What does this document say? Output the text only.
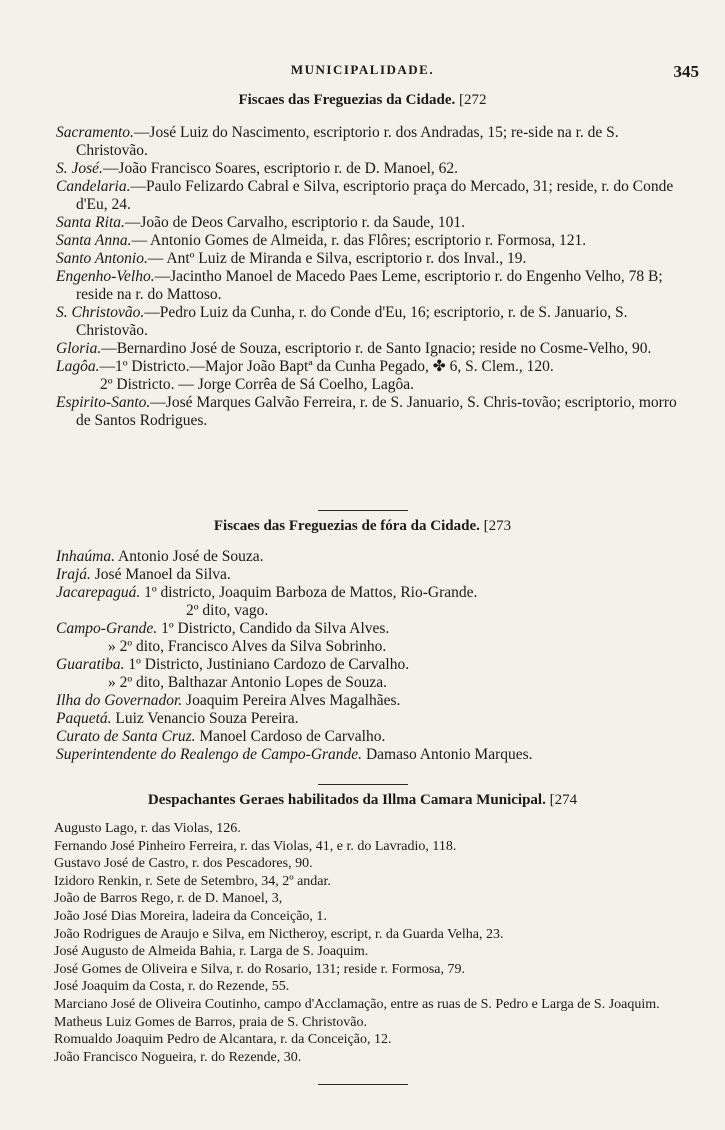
MUNICIPALIDADE.	345
Fiscaes das Freguezias da Cidade. [272

Sacramento.—José Luiz do Nascimento, escriptorio r. dos Andradas, 15; re-side na r. de S. Christovão.

S. José.—João Francisco Soares, escriptorio r. de D. Manoel, 62.

Candelaria.—Paulo Felizardo Cabral e Silva, escriptorio praça do Mercado, 31; reside, r. do Conde d'Eu, 24.

Santa Rita.—João de Deos Carvalho, escriptorio r. da Saude, 101.

Santa Anna.— Antonio Gomes de Almeida, r. das Flôres; escriptorio r. Formosa, 121.

Santo Antonio.— Antº Luiz de Miranda e Silva, escriptorio r. dos Inval., 19.

Engenho-Velho.—Jacintho Manoel de Macedo Paes Leme, escriptorio r. do Engenho Velho, 78 B; reside na r. do Mattoso.

S. Christovão.—Pedro Luiz da Cunha, r. do Conde d'Eu, 16; escriptorio, r. de S. Januario, S. Christovão.

Gloria.—Bernardino José de Souza, escriptorio r. de Santo Ignacio; reside no Cosme-Velho, 90.

Lagôa.—1º Districto.—Major João Baptª da Cunha Pegado, ✤ 6, S. Clem., 120.

2º Districto. — Jorge Corrêa de Sá Coelho, Lagôa.

Espirito-Santo.—José Marques Galvão Ferreira, r. de S. Januario, S. Chris-tovão; escriptorio, morro de Santos Rodrigues.

Fiscaes das Freguezias de fóra da Cidade. [273

Inhaúma. Antonio José de Souza.

Irajá. José Manoel da Silva.

Jacarepaguá. 1º districto, Joaquim Barboza de Mattos, Rio-Grande.

2º dito, vago.

Campo-Grande. 1º Districto, Candido da Silva Alves.

» 2º dito, Francisco Alves da Silva Sobrinho.

Guaratiba. 1º Districto, Justiniano Cardozo de Carvalho.

» 2º dito, Balthazar Antonio Lopes de Souza.

Ilha do Governador. Joaquim Pereira Alves Magalhães.

Paquetá. Luiz Venancio Souza Pereira.

Curato de Santa Cruz. Manoel Cardoso de Carvalho.

Superintendente do Realengo de Campo-Grande. Damaso Antonio Marques.

Despachantes Geraes habilitados da Illma Camara Municipal. [274

Augusto Lago, r. das Violas, 126.

Fernando José Pinheiro Ferreira, r. das Violas, 41, e r. do Lavradio, 118.

Gustavo José de Castro, r. dos Pescadores, 90.

Izidoro Renkin, r. Sete de Setembro, 34, 2º andar.

João de Barros Rego, r. de D. Manoel, 3,

João José Dias Moreira, ladeira da Conceição, 1.

João Rodrigues de Araujo e Silva, em Nictheroy, escript, r. da Guarda Velha, 23.

José Augusto de Almeida Bahia, r. Larga de S. Joaquim.

José Gomes de Oliveira e Silva, r. do Rosario, 131; reside r. Formosa, 79.

José Joaquim da Costa, r. do Rezende, 55.

Marciano José de Oliveira Coutinho, campo d'Acclamação, entre as ruas de S. Pedro e Larga de S. Joaquim.

Matheus Luiz Gomes de Barros, praia de S. Christovão.

Romualdo Joaquim Pedro de Alcantara, r. da Conceição, 12.

João Francisco Nogueira, r. do Rezende, 30.
